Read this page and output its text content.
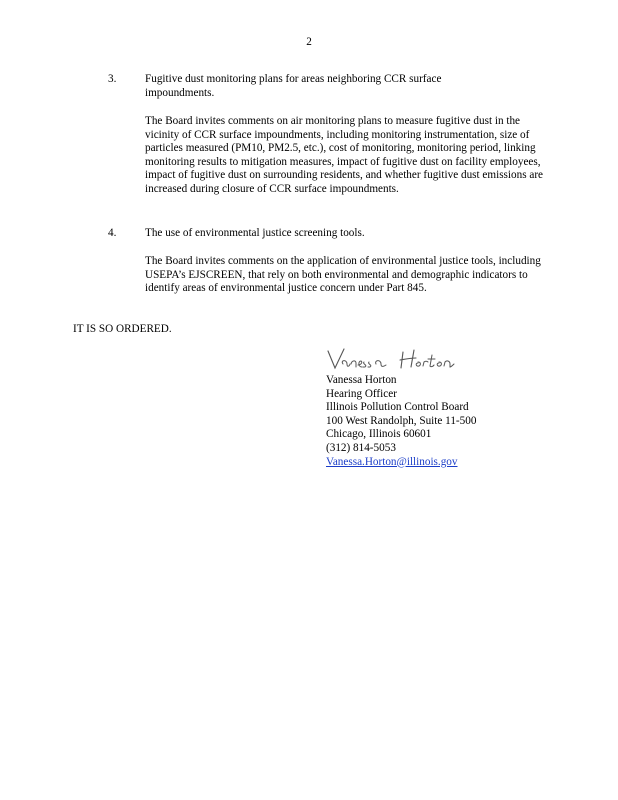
2
3.	Fugitive dust monitoring plans for areas neighboring CCR surface impoundments.
The Board invites comments on air monitoring plans to measure fugitive dust in the vicinity of CCR surface impoundments, including monitoring instrumentation, size of particles measured (PM10, PM2.5, etc.), cost of monitoring, monitoring period, linking monitoring results to mitigation measures, impact of fugitive dust on facility employees, impact of fugitive dust on surrounding residents, and whether fugitive dust emissions are increased during closure of CCR surface impoundments.
4.	The use of environmental justice screening tools.
The Board invites comments on the application of environmental justice tools, including USEPA’s EJSCREEN, that rely on both environmental and demographic indicators to identify areas of environmental justice concern under Part 845.
IT IS SO ORDERED.
Vanessa Horton
Hearing Officer
Illinois Pollution Control Board
100 West Randolph, Suite 11-500
Chicago, Illinois 60601
(312) 814-5053
Vanessa.Horton@illinois.gov
